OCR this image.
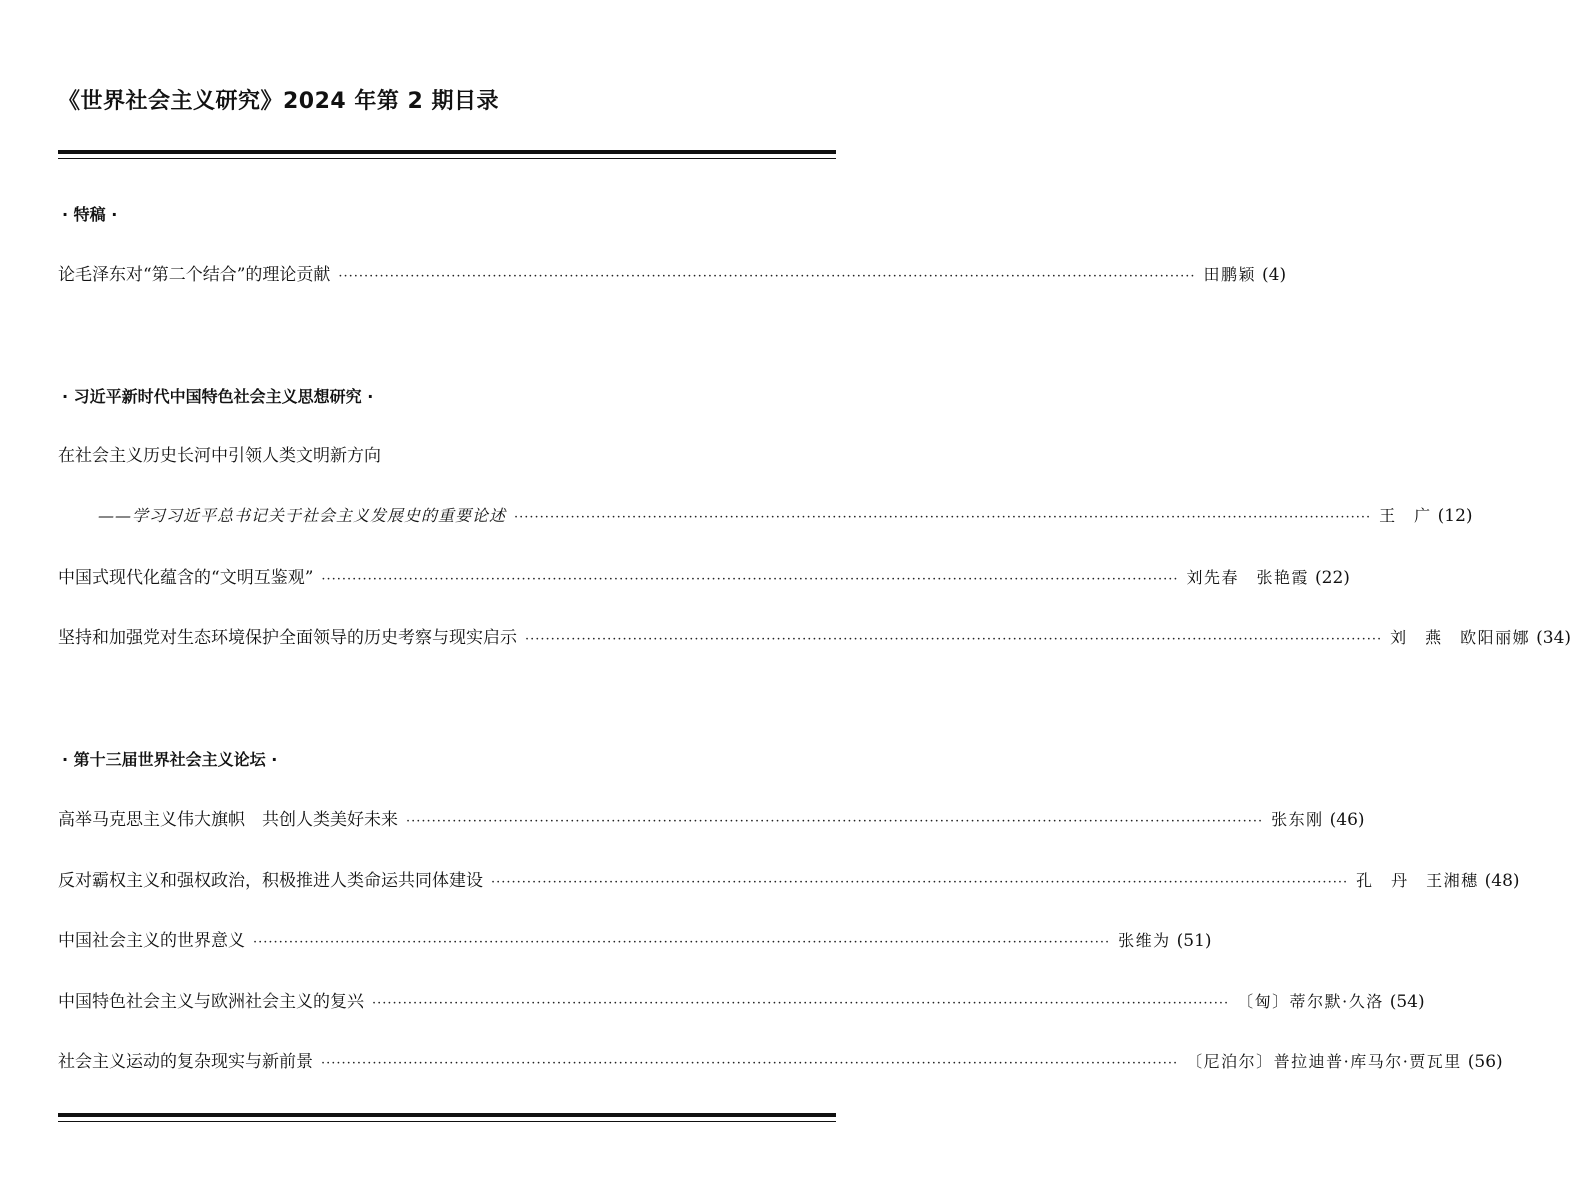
《世界社会主义研究》2024 年第 2 期目录
· 特稿 ·
论毛泽东对“第二个结合”的理论贡献 ······································································································································································· 田鹏颖 (4)
· 习近平新时代中国特色社会主义思想研究 ·
在社会主义历史长河中引领人类文明新方向
——学习习近平总书记关于社会主义发展史的重要论述 ······································································································································································· 王　广 (12)
中国式现代化蕴含的“文明互鉴观” ······································································································································································· 刘先春　张艳霞 (22)
坚持和加强党对生态环境保护全面领导的历史考察与现实启示 ······································································································································································· 刘　燕　欧阳丽娜 (34)
· 第十三届世界社会主义论坛 ·
高举马克思主义伟大旗帜　共创人类美好未来 ······································································································································································· 张东刚 (46)
反对霸权主义和强权政治，积极推进人类命运共同体建设 ······································································································································································· 孔　丹　王湘穗 (48)
中国社会主义的世界意义 ······································································································································································· 张维为 (51)
中国特色社会主义与欧洲社会主义的复兴 ······································································································································································· 〔匈〕蒂尔默·久洛 (54)
社会主义运动的复杂现实与新前景 ······································································································································································· 〔尼泊尔〕普拉迪普·库马尔·贾瓦里 (56)
